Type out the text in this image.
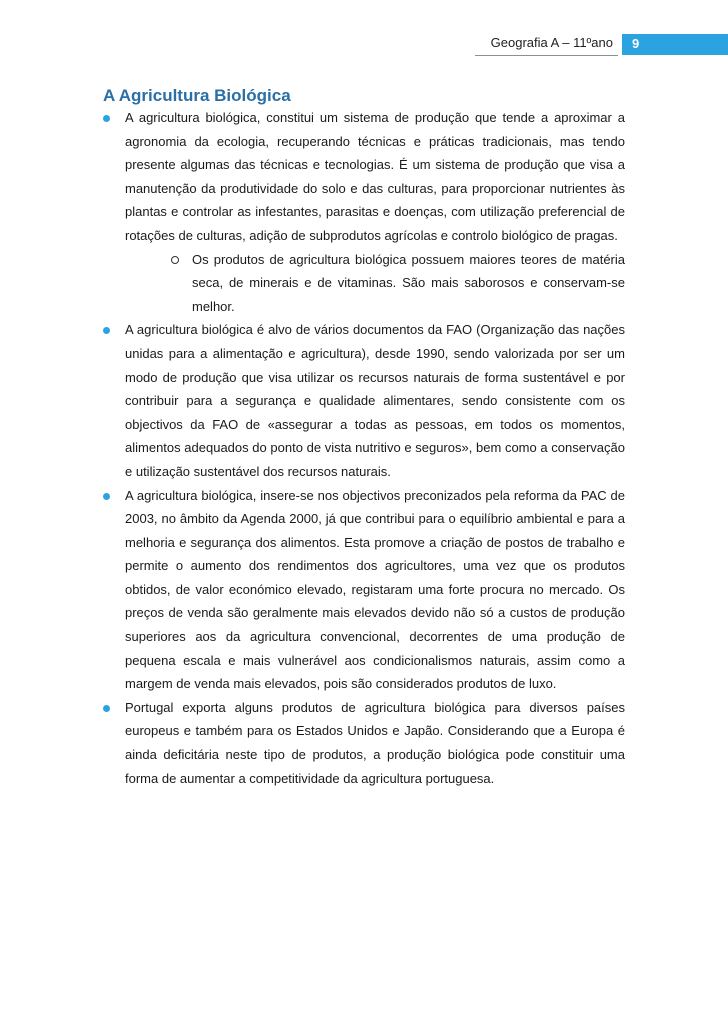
Geografia A – 11ºano 9
A Agricultura Biológica

A agricultura biológica, constitui um sistema de produção que tende a aproximar a agronomia da ecologia, recuperando técnicas e práticas tradicionais, mas tendo presente algumas das técnicas e tecnologias. É um sistema de produção que visa a manutenção da produtividade do solo e das culturas, para proporcionar nutrientes às plantas e controlar as infestantes, parasitas e doenças, com utilização preferencial de rotações de culturas, adição de subprodutos agrícolas e controlo biológico de pragas.

Os produtos de agricultura biológica possuem maiores teores de matéria seca, de minerais e de vitaminas. São mais saborosos e conservam-se melhor.

A agricultura biológica é alvo de vários documentos da FAO (Organização das nações unidas para a alimentação e agricultura), desde 1990, sendo valorizada por ser um modo de produção que visa utilizar os recursos naturais de forma sustentável e por contribuir para a segurança e qualidade alimentares, sendo consistente com os objectivos da FAO de «assegurar a todas as pessoas, em todos os momentos, alimentos adequados do ponto de vista nutritivo e seguros», bem como a conservação e utilização sustentável dos recursos naturais.

A agricultura biológica, insere-se nos objectivos preconizados pela reforma da PAC de 2003, no âmbito da Agenda 2000, já que contribui para o equilíbrio ambiental e para a melhoria e segurança dos alimentos. Esta promove a criação de postos de trabalho e permite o aumento dos rendimentos dos agricultores, uma vez que os produtos obtidos, de valor económico elevado, registaram uma forte procura no mercado. Os preços de venda são geralmente mais elevados devido não só a custos de produção superiores aos da agricultura convencional, decorrentes de uma produção de pequena escala e mais vulnerável aos condicionalismos naturais, assim como a margem de venda mais elevados, pois são considerados produtos de luxo.

Portugal exporta alguns produtos de agricultura biológica para diversos países europeus e também para os Estados Unidos e Japão. Considerando que a Europa é ainda deficitária neste tipo de produtos, a produção biológica pode constituir uma forma de aumentar a competitividade da agricultura portuguesa.
